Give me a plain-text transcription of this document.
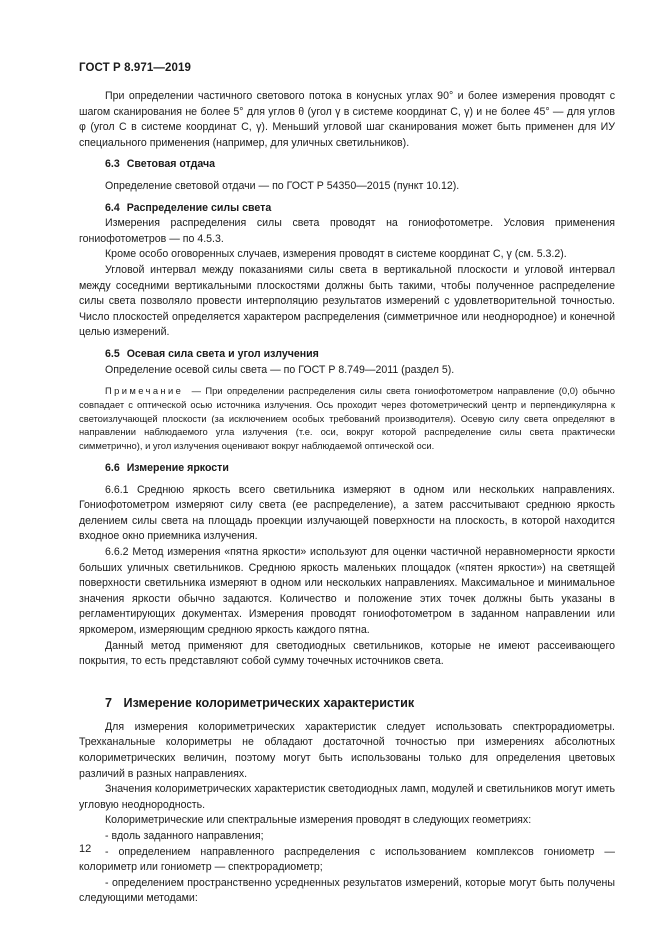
ГОСТ Р 8.971—2019

При определении частичного светового потока в конусных углах 90° и более измерения проводят с шагом сканирования не более 5° для углов θ (угол γ в системе координат C, γ) и не более 45° — для углов φ (угол C в системе координат C, γ). Меньший угловой шаг сканирования может быть применен для ИУ специального применения (например, для уличных светильников).

6.3 Световая отдача

Определение световой отдачи — по ГОСТ Р 54350—2015 (пункт 10.12).

6.4 Распределение силы света

Измерения распределения силы света проводят на гониофотометре. Условия применения гониофотометров — по 4.5.3.

Кроме особо оговоренных случаев, измерения проводят в системе координат C, γ (см. 5.3.2).

Угловой интервал между показаниями силы света в вертикальной плоскости и угловой интервал между соседними вертикальными плоскостями должны быть такими, чтобы полученное распределение силы света позволяло провести интерполяцию результатов измерений с удовлетворительной точностью. Число плоскостей определяется характером распределения (симметричное или неоднородное) и конечной целью измерений.

6.5 Осевая сила света и угол излучения

Определение осевой силы света — по ГОСТ Р 8.749—2011 (раздел 5).

Примечание — При определении распределения силы света гониофотометром направление (0,0) обычно совпадает с оптической осью источника излучения. Ось проходит через фотометрический центр и перпендикулярна к светоизлучающей плоскости (за исключением особых требований производителя). Осевую силу света определяют в направлении наблюдаемого угла излучения (т.е. оси, вокруг которой распределение силы света практически симметрично), и угол излучения оценивают вокруг наблюдаемой оптической оси.

6.6 Измерение яркости

6.6.1 Среднюю яркость всего светильника измеряют в одном или нескольких направлениях. Гониофотометром измеряют силу света (ее распределение), а затем рассчитывают среднюю яркость делением силы света на площадь проекции излучающей поверхности на плоскость, в которой находится входное окно приемника излучения.

6.6.2 Метод измерения «пятна яркости» используют для оценки частичной неравномерности яркости больших уличных светильников. Среднюю яркость маленьких площадок («пятен яркости») на светящей поверхности светильника измеряют в одном или нескольких направлениях. Максимальное и минимальное значения яркости обычно задаются. Количество и положение этих точек должны быть указаны в регламентирующих документах. Измерения проводят гониофотометром в заданном направлении или яркомером, измеряющим среднюю яркость каждого пятна.

Данный метод применяют для светодиодных светильников, которые не имеют рассеивающего покрытия, то есть представляют собой сумму точечных источников света.

7 Измерение колориметрических характеристик

Для измерения колориметрических характеристик следует использовать спектрорадиометры. Трехканальные колориметры не обладают достаточной точностью при измерениях абсолютных колориметрических величин, поэтому могут быть использованы только для определения цветовых различий в разных направлениях.

Значения колориметрических характеристик светодиодных ламп, модулей и светильников могут иметь угловую неоднородность.

Колориметрические или спектральные измерения проводят в следующих геометриях:

- вдоль заданного направления;

- определением направленного распределения с использованием комплексов гониометр — колориметр или гониометр — спектрорадиометр;

- определением пространственно усредненных результатов измерений, которые могут быть получены следующими методами:

12
